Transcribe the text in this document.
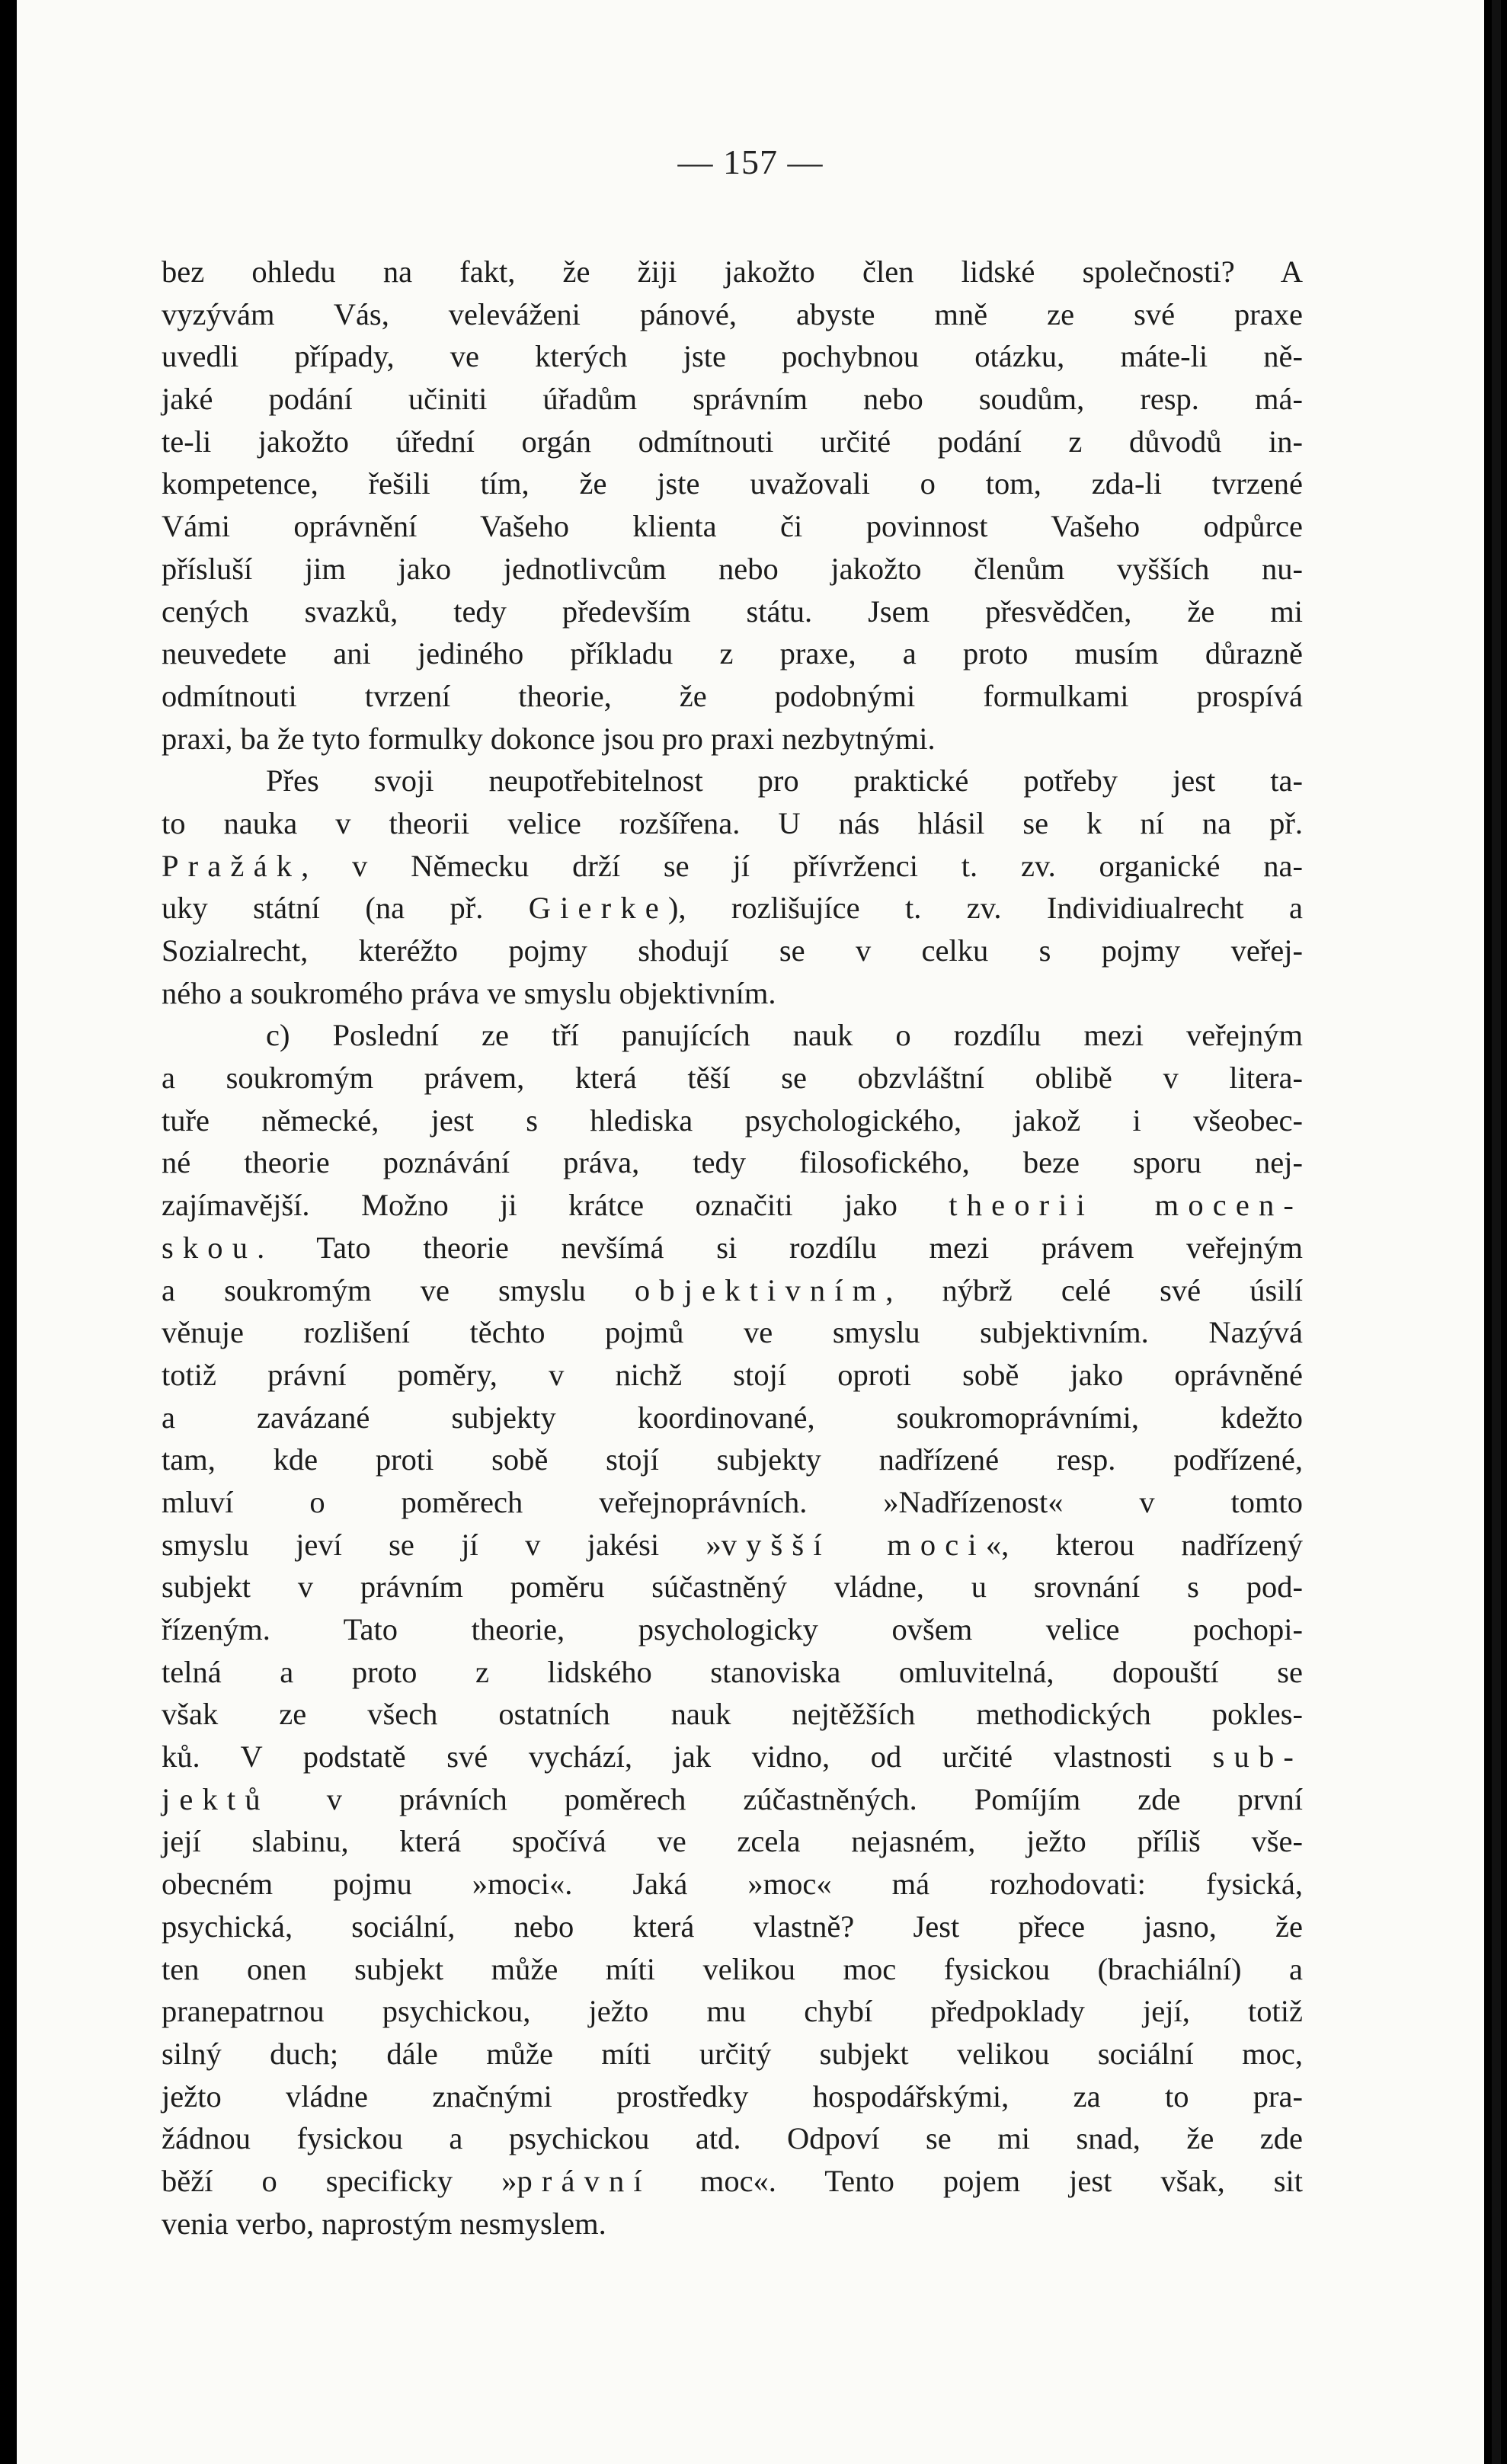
— 157 —
bez ohledu na fakt, že žiji jakožto člen lidské společnosti? A
vyzývám Vás, veleváženi pánové, abyste mně ze své praxe
uvedli případy, ve kterých jste pochybnou otázku, máte-li ně-
jaké podání učiniti úřadům správním nebo soudům, resp. má-
te-li jakožto úřední orgán odmítnouti určité podání z důvodů in-
kompetence, řešili tím, že jste uvažovali o tom, zda-li tvrzené
Vámi oprávnění Vašeho klienta či povinnost Vašeho odpůrce
přísluší jim jako jednotlivcům nebo jakožto členům vyšších nu-
cených svazků, tedy především státu. Jsem přesvědčen, že mi
neuvedete ani jediného příkladu z praxe, a proto musím důrazně
odmítnouti tvrzení theorie, že podobnými formulkami prospívá
praxi, ba že tyto formulky dokonce jsou pro praxi nezbytnými.
Přes svoji neupotřebitelnost pro praktické potřeby jest ta-
to nauka v theorii velice rozšířena. U nás hlásil se k ní na př.
Pražák, v Německu drží se jí přívrženci t. zv. organické na-
uky státní (na př. Gierke), rozlišujíce t. zv. Individiualrecht a
Sozialrecht, kteréžto pojmy shodují se v celku s pojmy veřej-
ného a soukromého práva ve smyslu objektivním.
c) Poslední ze tří panujících nauk o rozdílu mezi veřejným
a soukromým právem, která těší se obzvláštní oblibě v litera-
tuře německé, jest s hlediska psychologického, jakož i všeobec-
né theorie poznávání práva, tedy filosofického, beze sporu nej-
zajímavější. Možno ji krátce označiti jako theorii mocen-
skou. Tato theorie nevšímá si rozdílu mezi právem veřejným
a soukromým ve smyslu objektivním, nýbrž celé své úsilí
věnuje rozlišení těchto pojmů ve smyslu subjektivním. Nazývá
totiž právní poměry, v nichž stojí oproti sobě jako oprávněné
a zavázané subjekty koordinované, soukromoprávními, kdežto
tam, kde proti sobě stojí subjekty nadřízené resp. podřízené,
mluví o poměrech veřejnoprávních. »Nadřízenost« v tomto
smyslu jeví se jí v jakési »vyšší moci«, kterou nadřízený
subjekt v právním poměru súčastněný vládne, u srovnání s pod-
řízeným. Tato theorie, psychologicky ovšem velice pochopi-
telná a proto z lidského stanoviska omluvitelná, dopouští se
však ze všech ostatních nauk nejtěžších methodických pokles-
ků. V podstatě své vychází, jak vidno, od určité vlastnosti sub-
jektů v právních poměrech zúčastněných. Pomíjím zde první
její slabinu, která spočívá ve zcela nejasném, ježto příliš vše-
obecném pojmu »moci«. Jaká »moc« má rozhodovati: fysická,
psychická, sociální, nebo která vlastně? Jest přece jasno, že
ten onen subjekt může míti velikou moc fysickou (brachiální) a
pranepatrnou psychickou, ježto mu chybí předpoklady její, totiž
silný duch; dále může míti určitý subjekt velikou sociální moc,
ježto vládne značnými prostředky hospodářskými, za to pra-
žádnou fysickou a psychickou atd. Odpoví se mi snad, že zde
běží o specificky »právní moc«. Tento pojem jest však, sit
venia verbo, naprostým nesmyslem.
